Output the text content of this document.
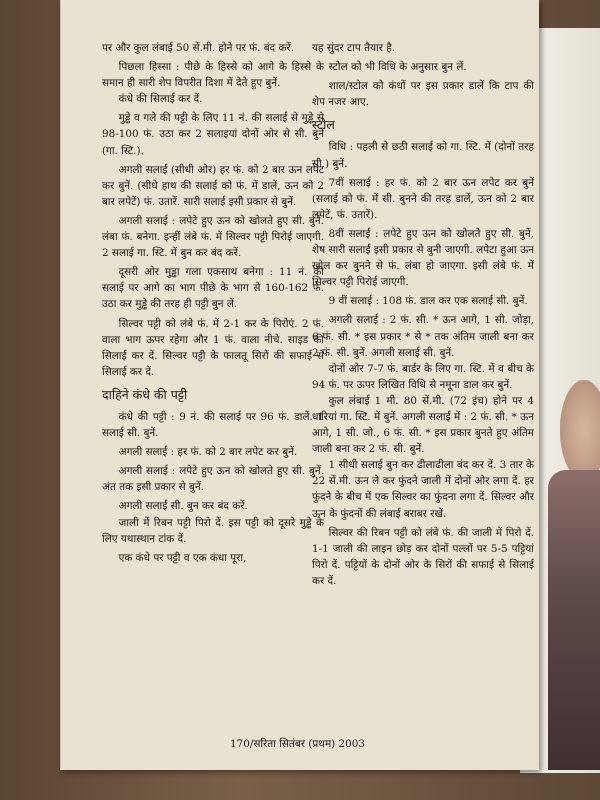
पर और कुल लंबाई 50 सें.मी. होने पर फं. बंद करें.

पिछला हिस्सा : पीछे के हिस्से को आगे के हिस्से के समान ही सारी शेप विपरीत दिशा में देते हुए बुनें.

कंधे की सिलाई कर दें.

मुड्ढे व गले की पट्टी के लिए 11 नं. की सलाई से मुड्ढे से 98-100 फं. उठा कर 2 सलाइयां दोनों ओर से सी. बुनें (गा. स्टि.).

अगली सलाई (सीधी ओर) हर फं. को 2 बार ऊन लपेट कर बुनें. (सीधे हाथ की सलाई को फं. में डालें, ऊन को 2 बार लपेटें) फं. उतारें. सारी सलाई इसी प्रकार से बुनें.

अगली सलाई : लपेटे हुए ऊन को खोलते हुए सी. बुनें. लंबा फं. बनेगा. इन्हीं लंबे फं. में सिल्वर पट्टी पिरोई जाएगी. 2 सलाई गा. स्टि. में बुन कर बंद करें.

दूसरी ओर मुड्ढा गला एकसाथ बनेगा : 11 नं. की सलाई पर आगे का भाग पीछे के भाग से 160-162 फं. उठा कर मुड्ढे की तरह ही पट्टी बुन लें.

सिल्वर पट्टी को लंबे फं. में 2-1 कर के पिरोएं. 2 फं. वाला भाग ऊपर रहेगा और 1 फं. वाला नीचे. साइड की सिलाई कर दें. सिल्वर पट्टी के फालतू सिरों की सफाई से सिलाई कर दें.

दाहिने कंधे की पट्टी

कंधे की पट्टी : 9 नं. की सलाई पर 96 फं. डालें. 1 सलाई सी. बुनें.

अगली सलाई : हर फं. को 2 बार लपेट कर बुनें.

अगली सलाई : लपेटे हुए ऊन को खोलते हुए सी. बुनें. अंत तक इसी प्रकार से बुनें.

अगली सलाई सी. बुन कर बंद करें.

जाली में रिबन पट्टी पिरो दें. इस पट्टी को दूसरे मुड्ढे के लिए यथास्थान टांक दें.

एक कंधे पर पट्टी व एक कंधा पूरा,

यह सुंदर टाप तैयार है.

स्टोल को भी विधि के अनुसार बुन लें.

शाल/स्टोल को कंधों पर इस प्रकार डालें कि टाप की शेप नजर आए.

स्टोल

विधि : पहली से छठी सलाई को गा. स्टि. में (दोनों तरह सी.) बुनें.

7वीं सलाई : हर फं. को 2 बार ऊन लपेट कर बुनें (सलाई को फं. में सी. बुनने की तरह डालें, ऊन को 2 बार लपेटें, फं. उतारें).

8वीं सलाई : लपेटे हुए ऊन को खोलते हुए सी. बुनें, शेष सारी सलाई इसी प्रकार से बुनी जाएगी. लपेटा हुआ ऊन खोल कर बुनने से फं. लंबा हो जाएगा. इसी लंबे फं. में सिल्वर पट्टी पिरोई जाएगी.

9 वीं सलाई : 108 फं. डाल कर एक सलाई सी. बुनें.

अगली सलाई : 2 फं. सी. * ऊन आगे, 1 सी. जोड़ा, 6 फं. सी. * इस प्रकार * से * तक अंतिम जाली बना कर 2 फं. सी. बुनें. अगली सलाई सी. बुनें.

दोनों ओर 7-7 फं. बार्डर के लिए गा. स्टि. में व बीच के 94 फं. पर ऊपर लिखित विधि से नमूना डाल कर बुनें.

कुल लंबाई 1 मी. 80 सें.मी. (72 इंच) होने पर 4 धारियां गा. स्टि. में बुनें. अगली सलाई में : 2 फं. सी. * ऊन आगे, 1 सी. जो., 6 फं. सी. * इस प्रकार बुनते हुए अंतिम जाली बना कर 2 फं. सी. बुनें.

1 सीधी सलाई बुन कर ढीलाढीला बंद कर दें. 3 तार के 22 सें.मी. ऊन ले कर फुंदने जाली में दोनों ओर लगा दें. हर फुंदने के बीच में एक सिल्वर का फुंदना लगा दें. सिल्वर और ऊन के फुंदनों की लंबाई बराबर रखें.

सिल्वर की रिबन पट्टी को लंबे फं. की जाली में पिरो दें. 1-1 जाली की लाइन छोड़ कर दोनों पल्लों पर 5-5 पट्टियां पिरो दें. पट्टियों के दोनों ओर के सिरों की सफाई से सिलाई कर दें.

170/सरिता सितंबर (प्रथम) 2003
